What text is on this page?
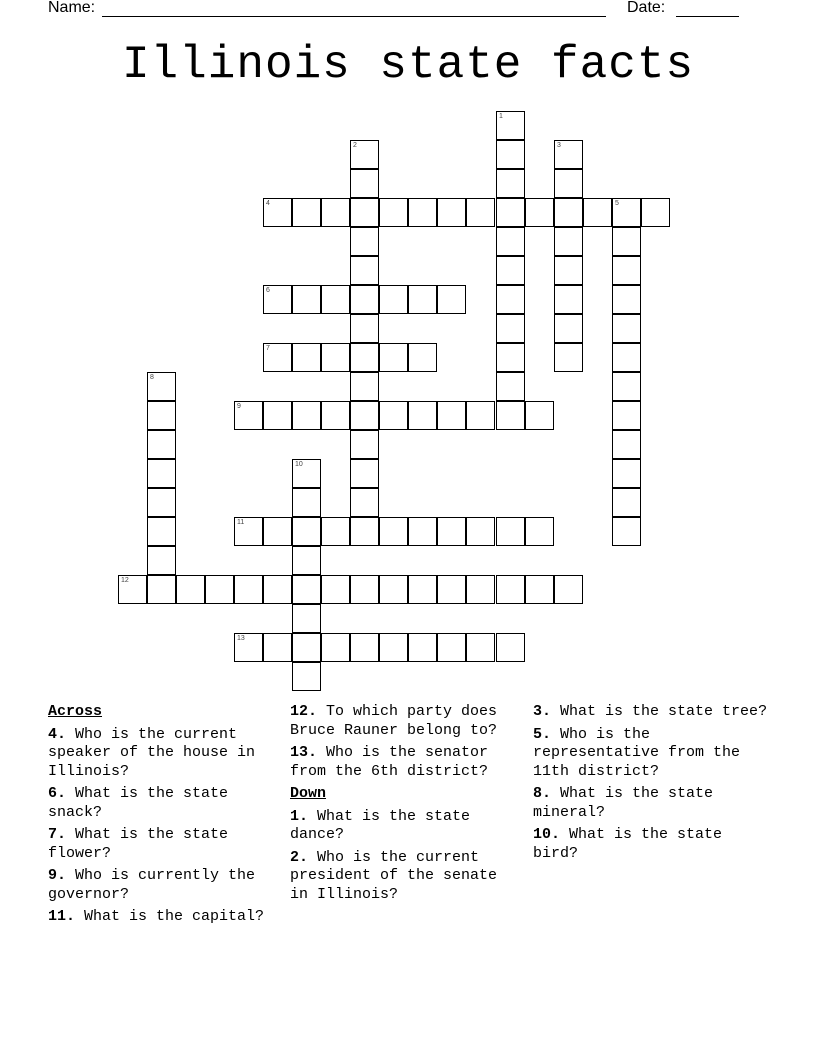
Name:	Date:
Illinois state facts
1
2	3
4	5
6
7
8
9
10
11
12
13
Across
4. Who is the current speaker of the house in Illinois?
6. What is the state snack?
7. What is the state flower?
9. Who is currently the governor?
11. What is the capital?
12. To which party does Bruce Rauner belong to?
13. Who is the senator from the 6th district?
Down
1. What is the state dance?
2. Who is the current president of the senate in Illinois?
3. What is the state tree?
5. Who is the representative from the 11th district?
8. What is the state mineral?
10. What is the state bird?
